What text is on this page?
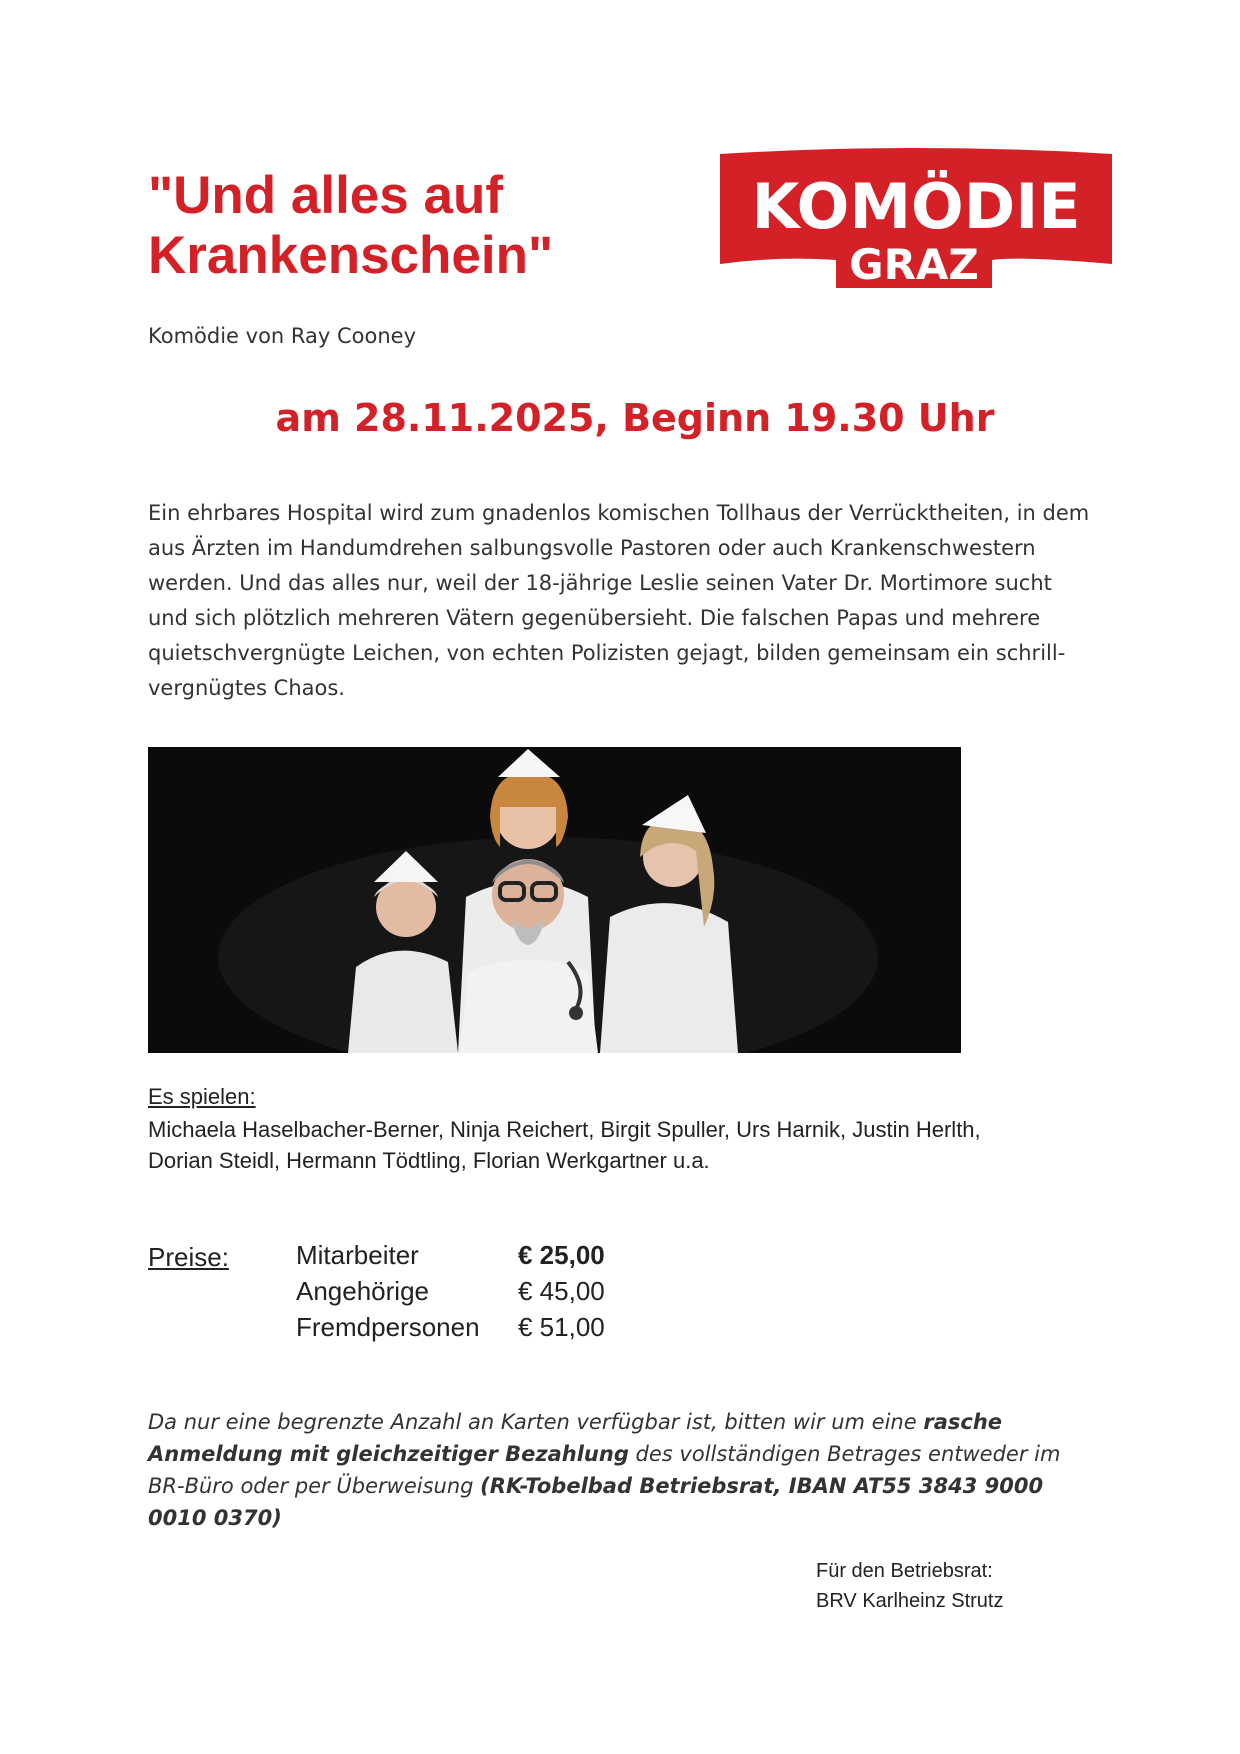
"Und alles auf
Krankenschein"
KOMÖDIE
GRAZ
Komödie von Ray Cooney
am 28.11.2025, Beginn 19.30 Uhr
Ein ehrbares Hospital wird zum gnadenlos komischen Tollhaus der Verrücktheiten, in dem aus Ärzten im Handumdrehen salbungsvolle Pastoren oder auch Krankenschwestern werden. Und das alles nur, weil der 18-jährige Leslie seinen Vater Dr. Mortimore sucht und sich plötzlich mehreren Vätern gegenübersieht. Die falschen Papas und mehrere quietschvergnügte Leichen, von echten Polizisten gejagt, bilden gemeinsam ein schrill-vergnügtes Chaos.
Es spielen:
Michaela Haselbacher-Berner, Ninja Reichert, Birgit Spuller, Urs Harnik, Justin Herlth,
Dorian Steidl, Hermann Tödtling, Florian Werkgartner u.a.
Preise:	Mitarbeiter	€ 25,00
Angehörige	€ 45,00
Fremdpersonen	€ 51,00
Da nur eine begrenzte Anzahl an Karten verfügbar ist, bitten wir um eine rasche Anmeldung mit gleichzeitiger Bezahlung des vollständigen Betrages entweder im BR-Büro oder per Überweisung (RK-Tobelbad Betriebsrat, IBAN AT55 3843 9000 0010 0370)
Für den Betriebsrat:
BRV Karlheinz Strutz
